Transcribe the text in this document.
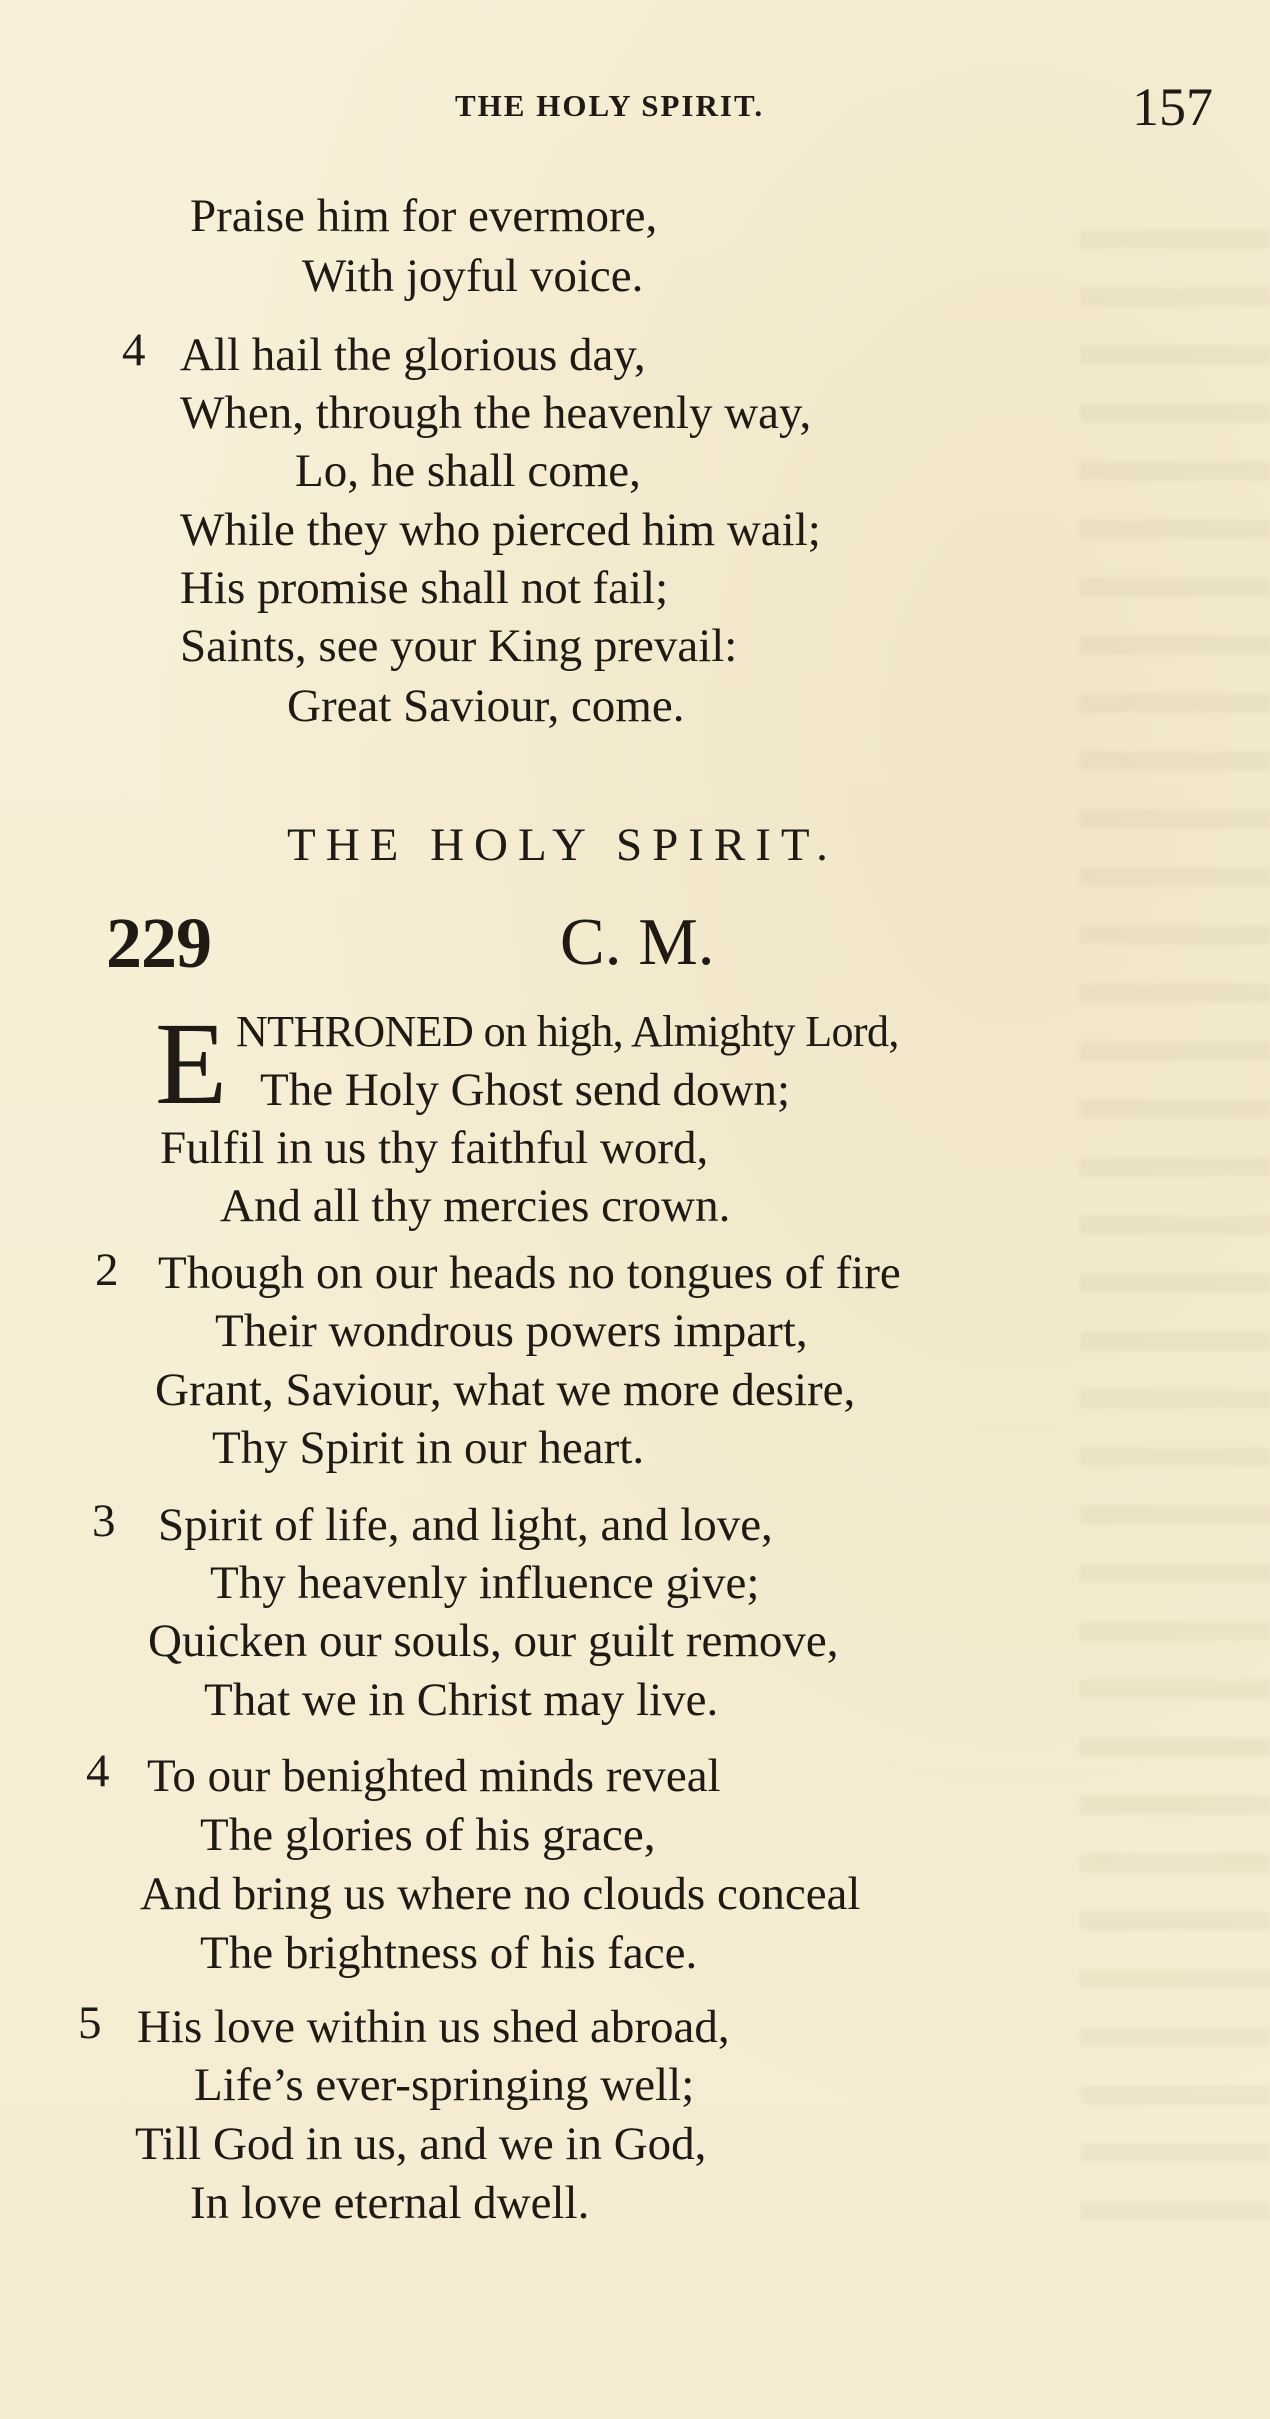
THE HOLY SPIRIT.	157
Praise him for evermore,
With joyful voice.
4 All hail the glorious day,
When, through the heavenly way,
Lo, he shall come,
While they who pierced him wail;
His promise shall not fail;
Saints, see your King prevail:
Great Saviour, come.
THE HOLY SPIRIT.
229	C. M.
E NTHRONED on high, Almighty Lord,
The Holy Ghost send down;
Fulfil in us thy faithful word,
And all thy mercies crown.
2 Though on our heads no tongues of fire
Their wondrous powers impart,
Grant, Saviour, what we more desire,
Thy Spirit in our heart.
3 Spirit of life, and light, and love,
Thy heavenly influence give;
Quicken our souls, our guilt remove,
That we in Christ may live.
4 To our benighted minds reveal
The glories of his grace,
And bring us where no clouds conceal
The brightness of his face.
5 His love within us shed abroad,
Life’s ever-springing well;
Till God in us, and we in God,
In love eternal dwell.
